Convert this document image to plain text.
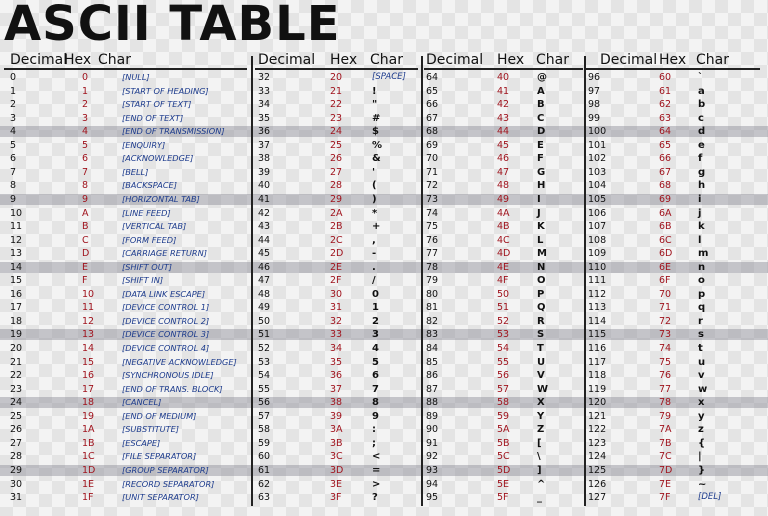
ASCII TABLE
Decimal
Hex Char
0	0	[NULL]
1	1	[START OF HEADING]
2	2	[START OF TEXT]
3	3	[END OF TEXT]
4	4	[END OF TRANSMISSION]
5	5	[ENQUIRY]
6	6	[ACKNOWLEDGE]
7	7	[BELL]
8	8	[BACKSPACE]
9	9	[HORIZONTAL TAB]
10	A	[LINE FEED]
11	B	[VERTICAL TAB]
12	C	[FORM FEED]
13	D	[CARRIAGE RETURN]
14	E	[SHIFT OUT]
15	F	[SHIFT IN]
16	10	[DATA LINK ESCAPE]
17	11	[DEVICE CONTROL 1]
18	12	[DEVICE CONTROL 2]
19	13	[DEVICE CONTROL 3]
20	14	[DEVICE CONTROL 4]
21	15	[NEGATIVE ACKNOWLEDGE]
22	16	[SYNCHRONOUS IDLE]
23	17	[END OF TRANS. BLOCK]
24	18	[CANCEL]
25	19	[END OF MEDIUM]
26	1A	[SUBSTITUTE]
27	1B	[ESCAPE]
28	1C	[FILE SEPARATOR]
29	1D	[GROUP SEPARATOR]
30	1E	[RECORD SEPARATOR]
31	1F	[UNIT SEPARATOR]
Decimal Hex Char
32	20	[SPACE]
33	21	!
34	22	"
35	23	#
36	24	$
37	25	%
38	26	&
39	27	'
40	28	(
41	29	)
42	2A	*
43	2B	+
44	2C	,
45	2D	-
46	2E	.
47	2F	/
48	30	0
49	31	1
50	32	2
51	33	3
52	34	4
53	35	5
54	36	6
55	37	7
56	38	8
57	39	9
58	3A	:
59	3B	;
60	3C	<
61	3D	=
62	3E	>
63	3F	?
Decimal Hex Char
64	40	@
65	41	A
66	42	B
67	43	C
68	44	D
69	45	E
70	46	F
71	47	G
72	48	H
73	49	I
74	4A	J
75	4B	K
76	4C	L
77	4D	M
78	4E	N
79	4F	O
80	50	P
81	51	Q
82	52	R
83	53	S
84	54	T
85	55	U
86	56	V
87	57	W
88	58	X
89	59	Y
90	5A	Z
91	5B	[
92	5C	\
93	5D	]
94	5E	^
95	5F	_
Decimal Hex Char
96	60	`
97	61	a
98	62	b
99	63	c
100	64	d
101	65	e
102	66	f
103	67	g
104	68	h
105	69	i
106	6A	j
107	6B	k
108	6C	l
109	6D	m
110	6E	n
111	6F	o
112	70	p
113	71	q
114	72	r
115	73	s
116	74	t
117	75	u
118	76	v
119	77	w
120	78	x
121	79	y
122	7A	z
123	7B	{
124	7C	|
125	7D	}
126	7E	~
127	7F	[DEL]
